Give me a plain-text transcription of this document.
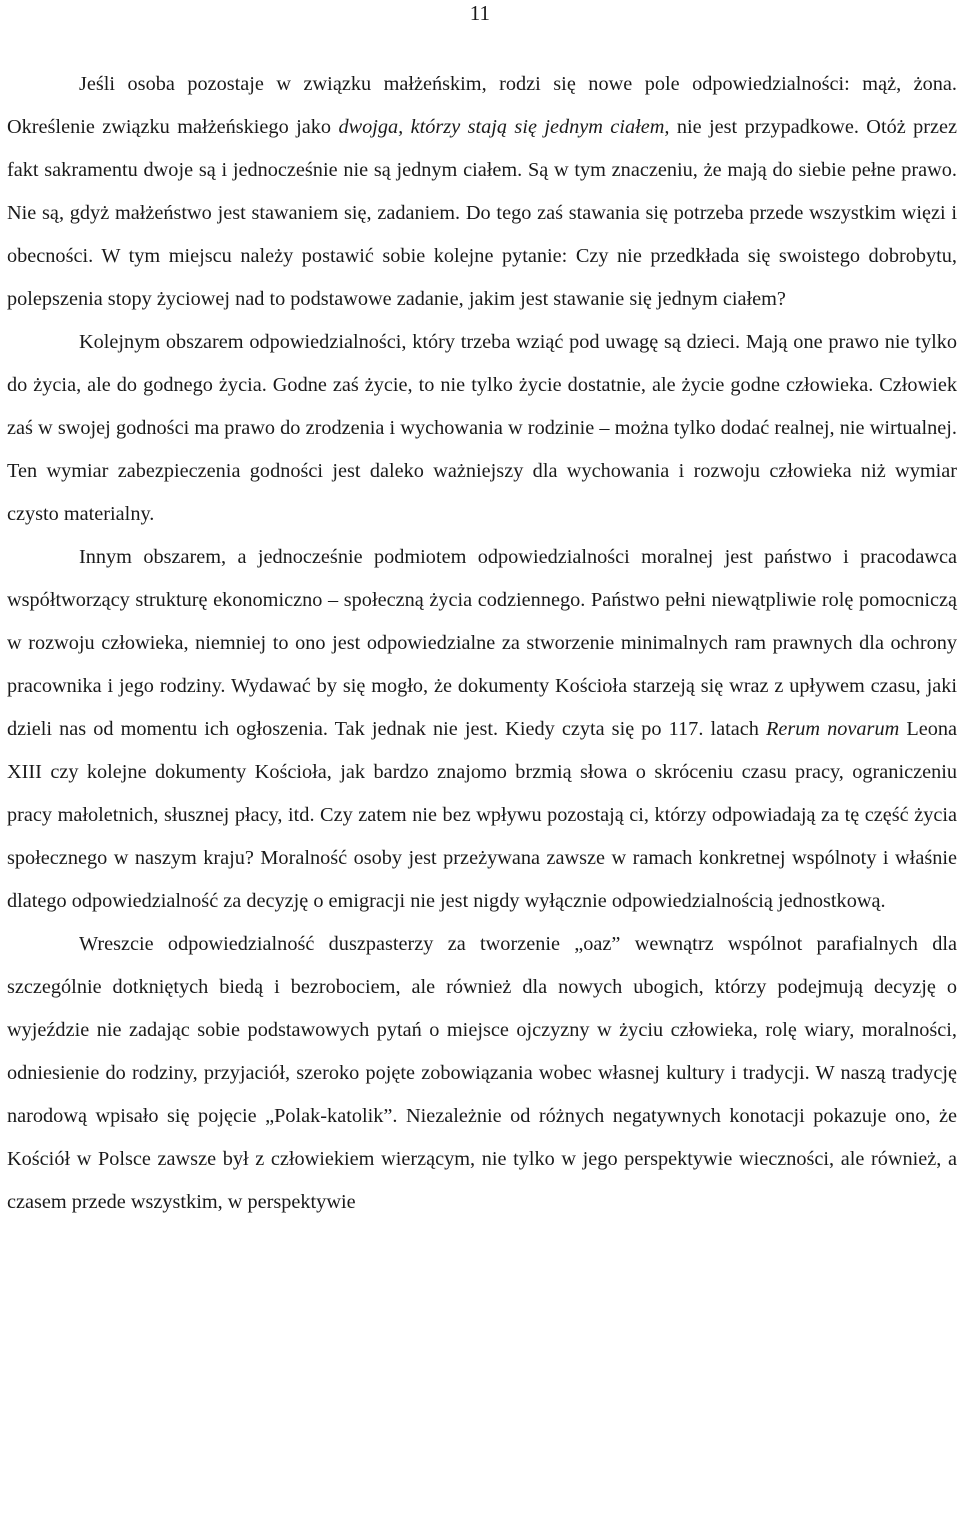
11

Jeśli osoba pozostaje w związku małżeńskim, rodzi się nowe pole odpowiedzialności: mąż, żona. Określenie związku małżeńskiego jako dwojga, którzy stają się jednym ciałem, nie jest przypadkowe. Otóż przez fakt sakramentu dwoje są i jednocześnie nie są jednym ciałem. Są w tym znaczeniu, że mają do siebie pełne prawo. Nie są, gdyż małżeństwo jest stawaniem się, zadaniem. Do tego zaś stawania się potrzeba przede wszystkim więzi i obecności. W tym miejscu należy postawić sobie kolejne pytanie: Czy nie przedkłada się swoistego dobrobytu, polepszenia stopy życiowej nad to podstawowe zadanie, jakim jest stawanie się jednym ciałem?

Kolejnym obszarem odpowiedzialności, który trzeba wziąć pod uwagę są dzieci. Mają one prawo nie tylko do życia, ale do godnego życia. Godne zaś życie, to nie tylko życie dostatnie, ale życie godne człowieka. Człowiek zaś w swojej godności ma prawo do zrodzenia i wychowania w rodzinie – można tylko dodać realnej, nie wirtualnej. Ten wymiar zabezpieczenia godności jest daleko ważniejszy dla wychowania i rozwoju człowieka niż wymiar czysto materialny.

Innym obszarem, a jednocześnie podmiotem odpowiedzialności moralnej jest państwo i pracodawca współtworzący strukturę ekonomiczno – społeczną życia codziennego. Państwo pełni niewątpliwie rolę pomocniczą w rozwoju człowieka, niemniej to ono jest odpowiedzialne za stworzenie minimalnych ram prawnych dla ochrony pracownika i jego rodziny. Wydawać by się mogło, że dokumenty Kościoła starzeją się wraz z upływem czasu, jaki dzieli nas od momentu ich ogłoszenia. Tak jednak nie jest. Kiedy czyta się po 117. latach Rerum novarum Leona XIII czy kolejne dokumenty Kościoła, jak bardzo znajomo brzmią słowa o skróceniu czasu pracy, ograniczeniu pracy małoletnich, słusznej płacy, itd. Czy zatem nie bez wpływu pozostają ci, którzy odpowiadają za tę część życia społecznego w naszym kraju? Moralność osoby jest przeżywana zawsze w ramach konkretnej wspólnoty i właśnie dlatego odpowiedzialność za decyzję o emigracji nie jest nigdy wyłącznie odpowiedzialnością jednostkową.

Wreszcie odpowiedzialność duszpasterzy za tworzenie „oaz” wewnątrz wspólnot parafialnych dla szczególnie dotkniętych biedą i bezrobociem, ale również dla nowych ubogich, którzy podejmują decyzję o wyjeździe nie zadając sobie podstawowych pytań o miejsce ojczyzny w życiu człowieka, rolę wiary, moralności, odniesienie do rodziny, przyjaciół, szeroko pojęte zobowiązania wobec własnej kultury i tradycji. W naszą tradycję narodową wpisało się pojęcie „Polak-katolik”. Niezależnie od różnych negatywnych konotacji pokazuje ono, że Kościół w Polsce zawsze był z człowiekiem wierzącym, nie tylko w jego perspektywie wieczności, ale również, a czasem przede wszystkim, w perspektywie
